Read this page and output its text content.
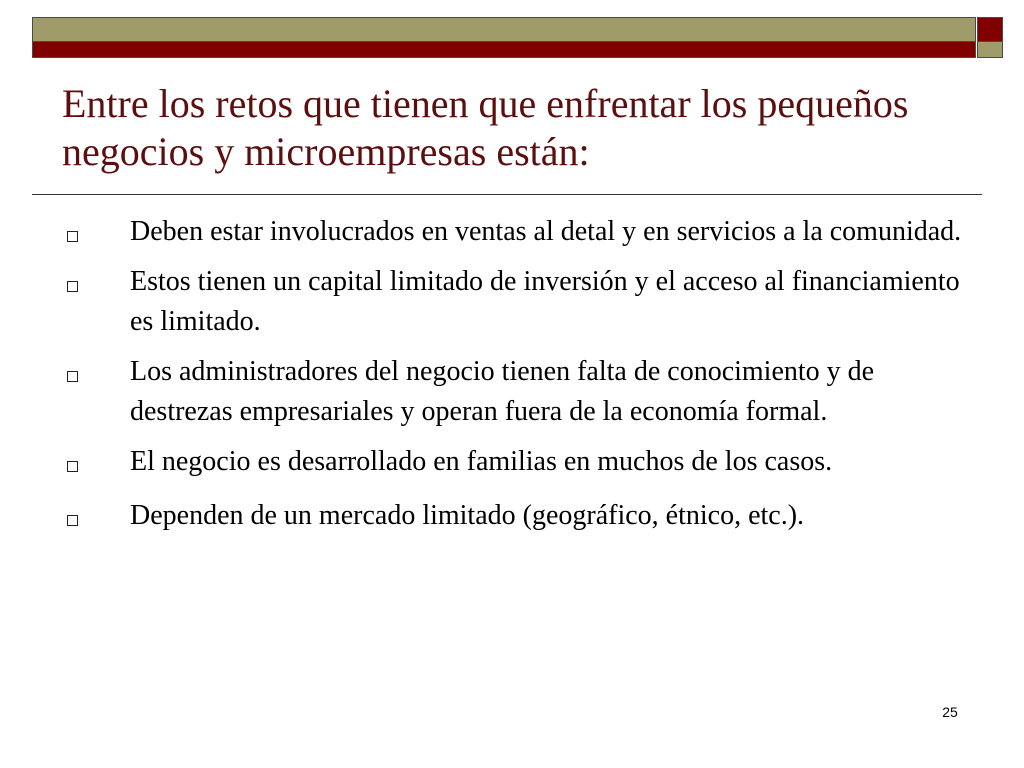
Entre los retos que tienen que enfrentar los pequeños negocios y microempresas están:
Deben estar involucrados en ventas al detal y en servicios a la comunidad.
Estos tienen un capital limitado de inversión y el acceso al financiamiento es limitado.
Los administradores del negocio tienen falta de conocimiento y de destrezas empresariales y operan fuera de la economía formal.
El negocio es desarrollado en familias en muchos de los casos.
Dependen de un mercado limitado (geográfico, étnico, etc.).
25
